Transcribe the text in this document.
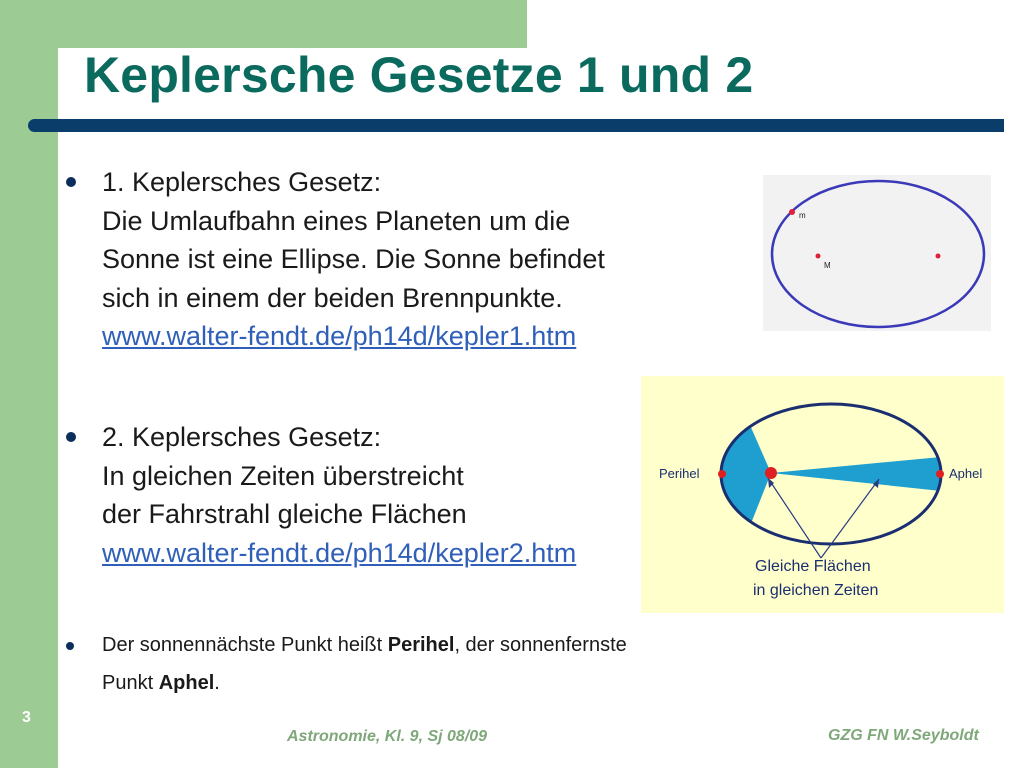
Keplersche Gesetze 1 und 2
1. Keplersches Gesetz:
Die Umlaufbahn eines Planeten um die
Sonne ist eine Ellipse. Die Sonne befindet
sich in einem der beiden Brennpunkte.
www.walter-fendt.de/ph14d/kepler1.htm
2. Keplersches Gesetz:
In gleichen Zeiten überstreicht
der Fahrstrahl gleiche Flächen
www.walter-fendt.de/ph14d/kepler2.htm
m
M
Perihel	Aphel
Gleiche Flächen
in gleichen Zeiten
Der sonnennächste Punkt heißt Perihel, der sonnenfernste
Punkt Aphel.
3
Astronomie, Kl. 9, Sj 08/09	GZG FN W.Seyboldt
